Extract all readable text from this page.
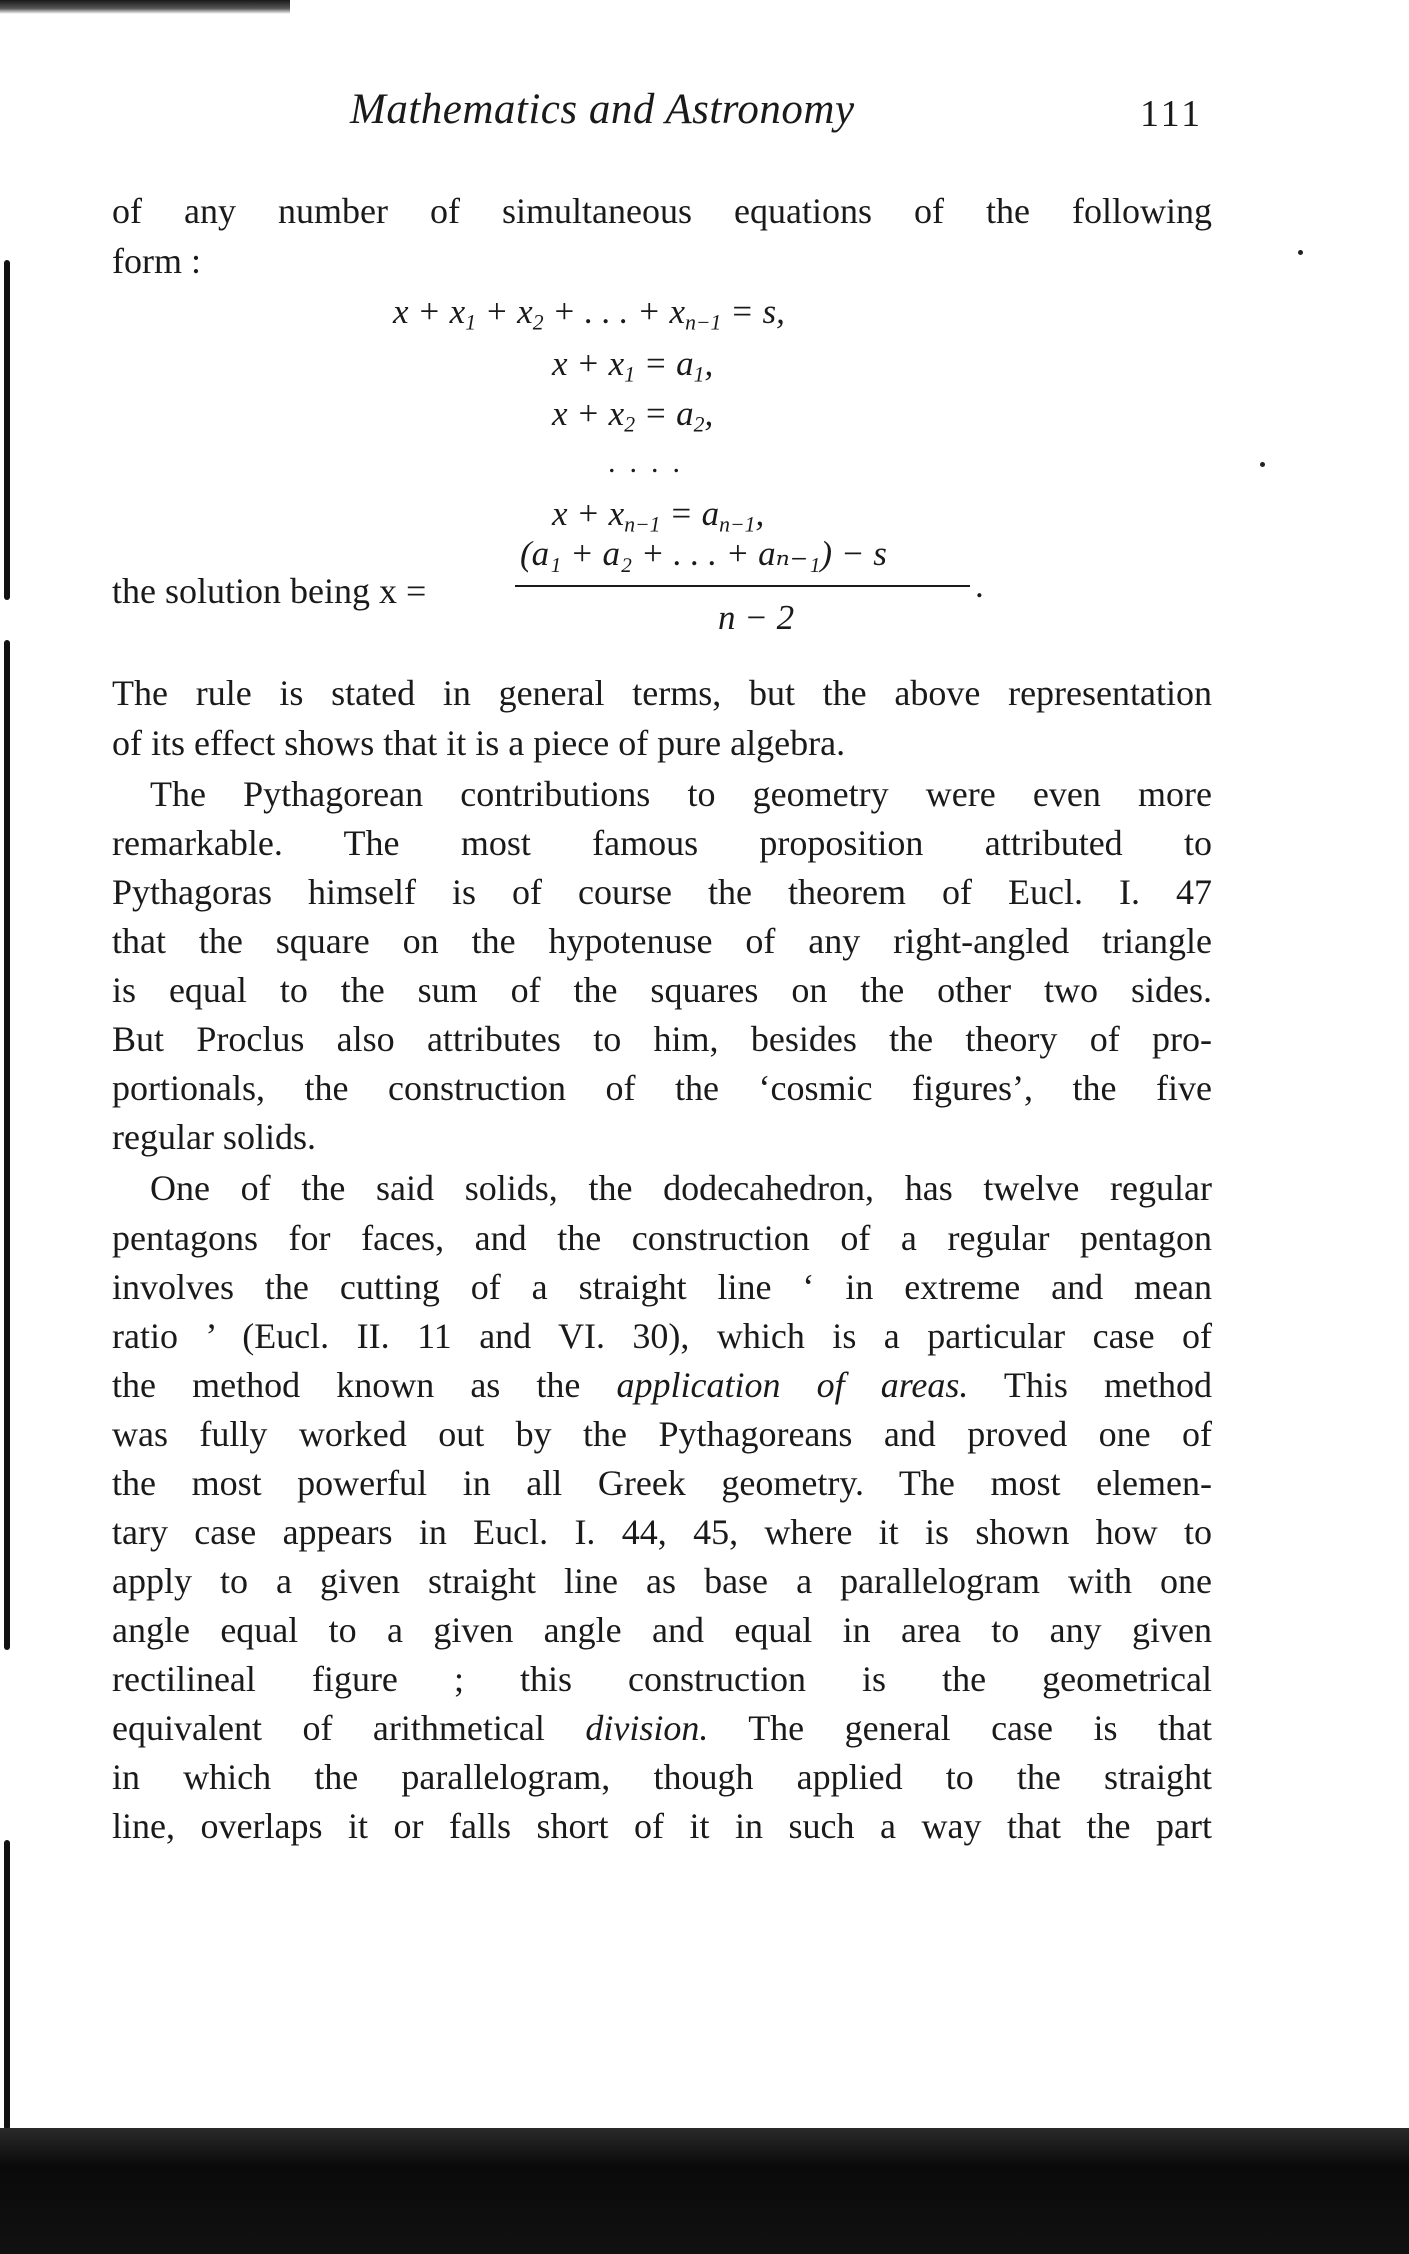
Mathematics and Astronomy	111
of any number of simultaneous equations of the following
form :
$x + x_1 + x_2$ + . . . + $x_{n-1} = s$,
$x + x_1 = a_1$,
$x + x_2 = a_2$,
....
$x + x_{n-1} = a_{n-1}$,
the solution being x =
(a₁ + a₂ + . . . + aₙ₋₁) − s
n − 2
.
The rule is stated in general terms, but the above representation
of its effect shows that it is a piece of pure algebra.
The Pythagorean contributions to geometry were even more
remarkable. The most famous proposition attributed to
Pythagoras himself is of course the theorem of Eucl. I. 47
that the square on the hypotenuse of any right-angled triangle
is equal to the sum of the squares on the other two sides.
But Proclus also attributes to him, besides the theory of pro-
portionals, the construction of the ‘cosmic figures’, the five
regular solids.
One of the said solids, the dodecahedron, has twelve regular
pentagons for faces, and the construction of a regular pentagon
involves the cutting of a straight line ‘ in extreme and mean
ratio ’ (Eucl. II. 11 and VI. 30), which is a particular case of
the method known as the application of areas. This method
was fully worked out by the Pythagoreans and proved one of
the most powerful in all Greek geometry. The most elemen-
tary case appears in Eucl. I. 44, 45, where it is shown how to
apply to a given straight line as base a parallelogram with one
angle equal to a given angle and equal in area to any given
rectilineal figure ; this construction is the geometrical
equivalent of arithmetical division. The general case is that
in which the parallelogram, though applied to the straight
line, overlaps it or falls short of it in such a way that the part
